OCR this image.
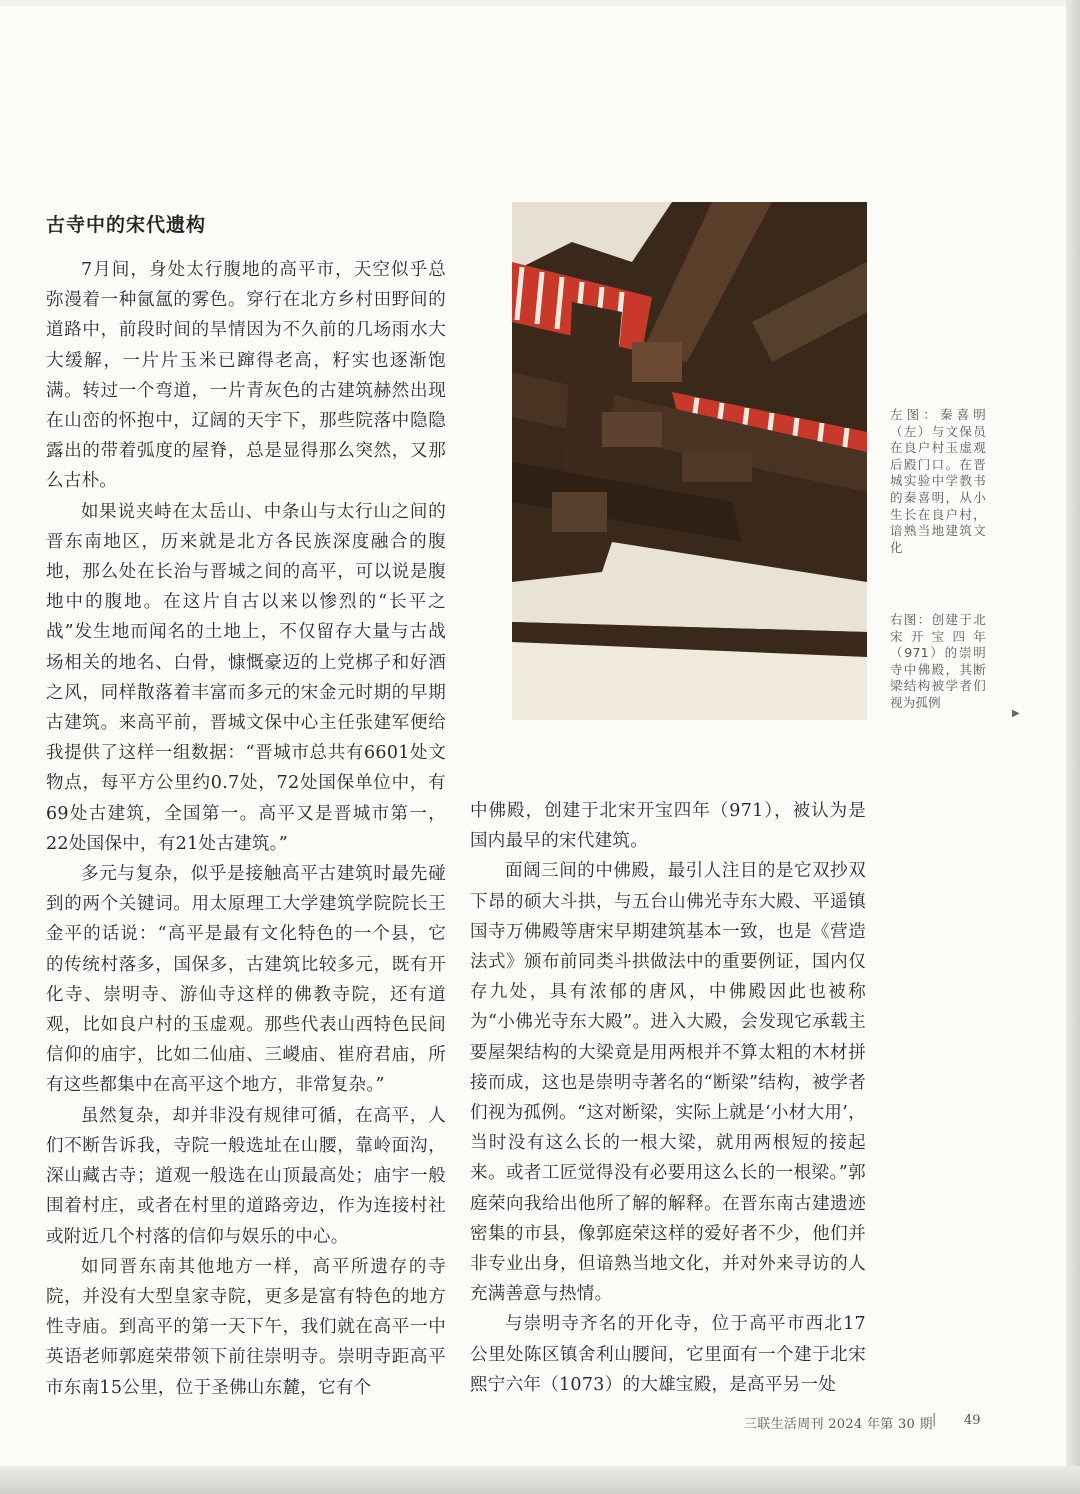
古寺中的宋代遗构

7月间，身处太行腹地的高平市，天空似乎总弥漫着一种氤氲的雾色。穿行在北方乡村田野间的道路中，前段时间的旱情因为不久前的几场雨水大大缓解，一片片玉米已蹿得老高，籽实也逐渐饱满。转过一个弯道，一片青灰色的古建筑赫然出现在山峦的怀抱中，辽阔的天宇下，那些院落中隐隐露出的带着弧度的屋脊，总是显得那么突然，又那么古朴。

如果说夹峙在太岳山、中条山与太行山之间的晋东南地区，历来就是北方各民族深度融合的腹地，那么处在长治与晋城之间的高平，可以说是腹地中的腹地。在这片自古以来以惨烈的“长平之战”发生地而闻名的土地上，不仅留存大量与古战场相关的地名、白骨，慷慨豪迈的上党梆子和好酒之风，同样散落着丰富而多元的宋金元时期的早期古建筑。来高平前，晋城文保中心主任张建军便给我提供了这样一组数据：“晋城市总共有6601处文物点，每平方公里约0.7处，72处国保单位中，有69处古建筑，全国第一。高平又是晋城市第一，22处国保中，有21处古建筑。”

多元与复杂，似乎是接触高平古建筑时最先碰到的两个关键词。用太原理工大学建筑学院院长王金平的话说：“高平是最有文化特色的一个县，它的传统村落多，国保多，古建筑比较多元，既有开化寺、崇明寺、游仙寺这样的佛教寺院，还有道观，比如良户村的玉虚观。那些代表山西特色民间信仰的庙宇，比如二仙庙、三嵕庙、崔府君庙，所有这些都集中在高平这个地方，非常复杂。”

虽然复杂，却并非没有规律可循，在高平，人们不断告诉我，寺院一般选址在山腰，靠岭面沟，深山藏古寺；道观一般选在山顶最高处；庙宇一般围着村庄，或者在村里的道路旁边，作为连接村社或附近几个村落的信仰与娱乐的中心。

如同晋东南其他地方一样，高平所遗存的寺院，并没有大型皇家寺院，更多是富有特色的地方性寺庙。到高平的第一天下午，我们就在高平一中英语老师郭庭荣带领下前往崇明寺。崇明寺距高平市东南15公里，位于圣佛山东麓，它有个

左图：秦喜明（左）与文保员在良户村玉虚观后殿门口。在晋城实验中学教书的秦喜明，从小生长在良户村，谙熟当地建筑文化
右图：创建于北宋开宝四年（971）的崇明寺中佛殿，其断梁结构被学者们视为孤例
▶

中佛殿，创建于北宋开宝四年（971），被认为是国内最早的宋代建筑。

面阔三间的中佛殿，最引人注目的是它双抄双下昂的硕大斗拱，与五台山佛光寺东大殿、平遥镇国寺万佛殿等唐宋早期建筑基本一致，也是《营造法式》颁布前同类斗拱做法中的重要例证，国内仅存九处，具有浓郁的唐风，中佛殿因此也被称为“小佛光寺东大殿”。进入大殿，会发现它承载主要屋架结构的大梁竟是用两根并不算太粗的木材拼接而成，这也是崇明寺著名的“断梁”结构，被学者们视为孤例。“这对断梁，实际上就是‘小材大用’，当时没有这么长的一根大梁，就用两根短的接起来。或者工匠觉得没有必要用这么长的一根梁。”郭庭荣向我给出他所了解的解释。在晋东南古建遗迹密集的市县，像郭庭荣这样的爱好者不少，他们并非专业出身，但谙熟当地文化，并对外来寻访的人充满善意与热情。

与崇明寺齐名的开化寺，位于高平市西北17公里处陈区镇舍利山腰间，它里面有一个建于北宋熙宁六年（1073）的大雄宝殿，是高平另一处

三联生活周刊 2024 年第 30 期 | 49
